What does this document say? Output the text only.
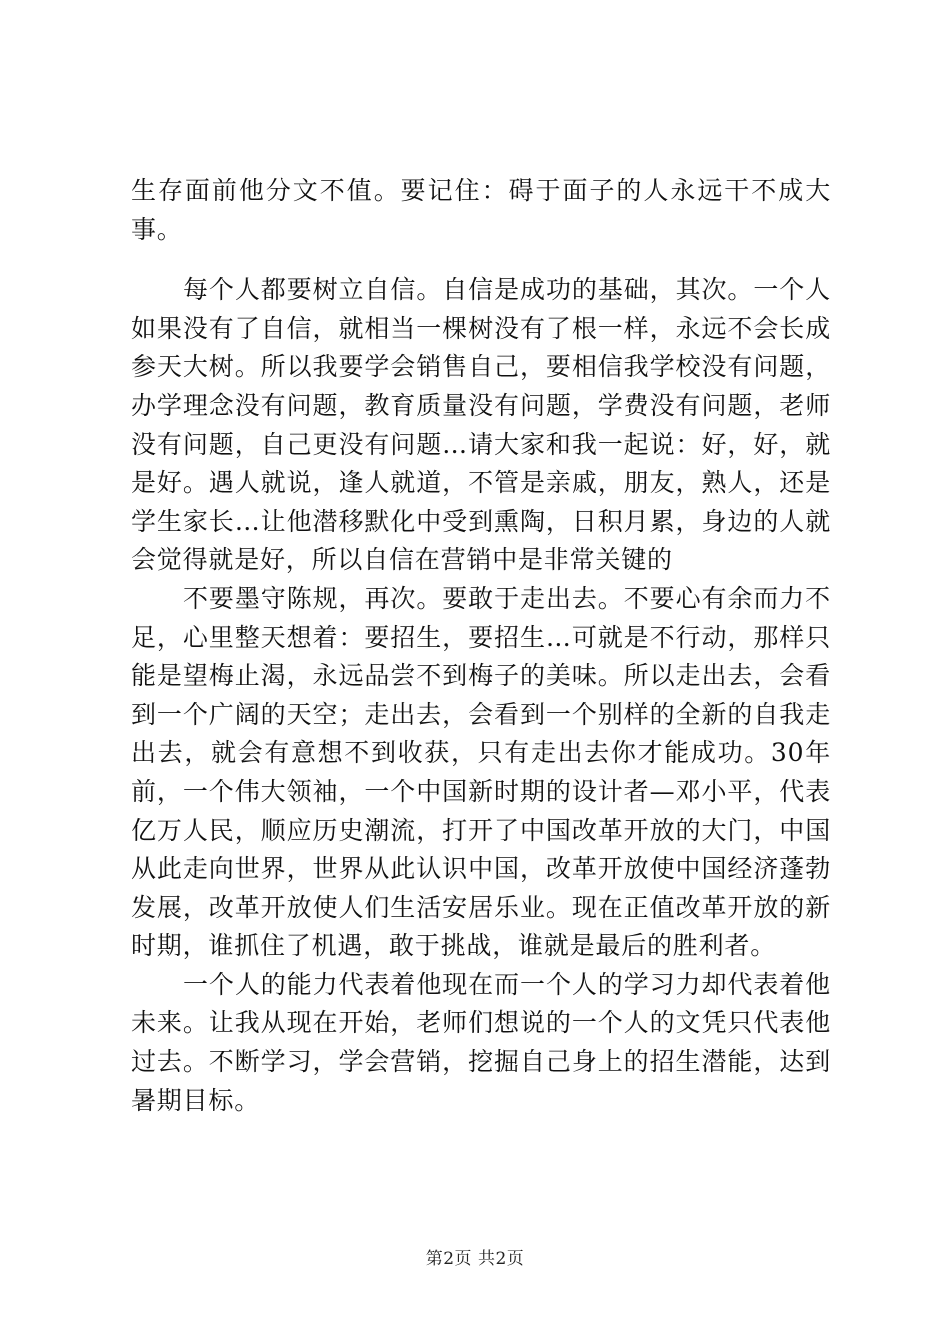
生存面前他分文不值。要记住：碍于面子的人永远干不成大事。

每个人都要树立自信。自信是成功的基础，其次。一个人如果没有了自信，就相当一棵树没有了根一样，永远不会长成参天大树。所以我要学会销售自己，要相信我学校没有问题，办学理念没有问题，教育质量没有问题，学费没有问题，老师没有问题，自己更没有问题…请大家和我一起说：好，好，就是好。遇人就说，逢人就道，不管是亲戚，朋友，熟人，还是学生家长…让他潜移默化中受到熏陶，日积月累，身边的人就会觉得就是好，所以自信在营销中是非常关键的

不要墨守陈规，再次。要敢于走出去。不要心有余而力不足，心里整天想着：要招生，要招生…可就是不行动，那样只能是望梅止渴，永远品尝不到梅子的美味。所以走出去，会看到一个广阔的天空；走出去，会看到一个别样的全新的自我走出去，就会有意想不到收获，只有走出去你才能成功。30年前，一个伟大领袖，一个中国新时期的设计者—邓小平，代表亿万人民，顺应历史潮流，打开了中国改革开放的大门，中国从此走向世界，世界从此认识中国，改革开放使中国经济蓬勃发展，改革开放使人们生活安居乐业。现在正值改革开放的新时期，谁抓住了机遇，敢于挑战，谁就是最后的胜利者。

一个人的能力代表着他现在而一个人的学习力却代表着他未来。让我从现在开始，老师们想说的一个人的文凭只代表他过去。不断学习，学会营销，挖掘自己身上的招生潜能，达到暑期目标。

第2页 共2页
